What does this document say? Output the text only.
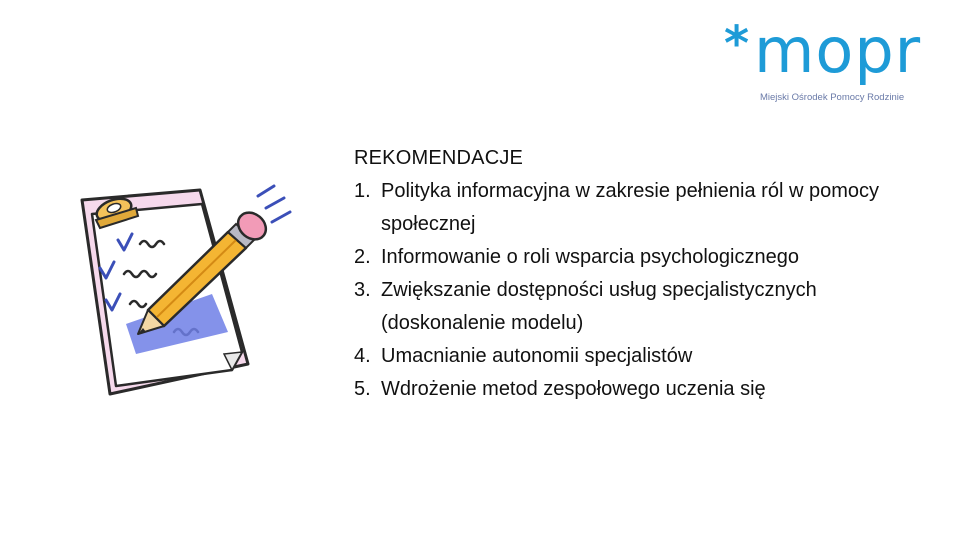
* mopr
Miejski Ośrodek Pomocy Rodzinie
REKOMENDACJE
1. Polityka informacyjna w zakresie pełnienia ról w pomocy społecznej
2. Informowanie o roli wsparcia psychologicznego
3. Zwiększanie dostępności usług specjalistycznych (doskonalenie modelu)
4. Umacnianie autonomii specjalistów
5. Wdrożenie metod zespołowego uczenia się
